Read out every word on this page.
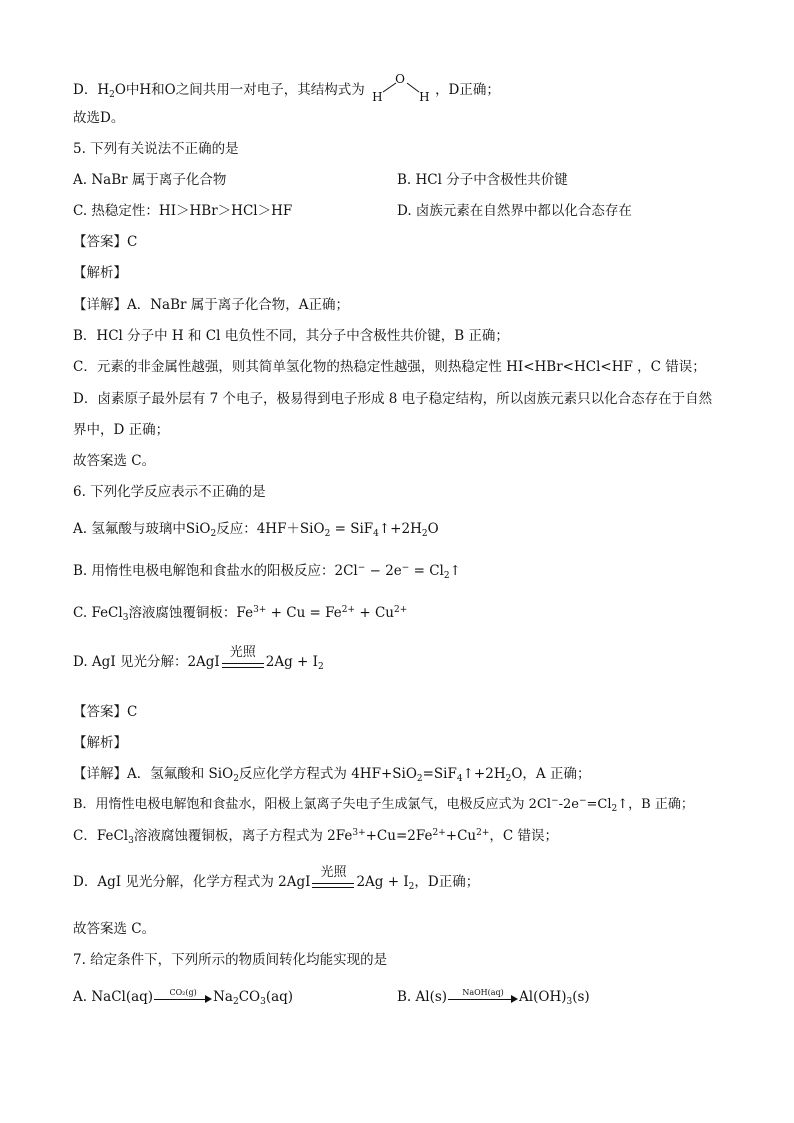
D．$H_2O$中H和O之间共用一对电子，其结构式为
O
H	H ，D正确；
故选D。
5. 下列有关说法不正确的是
A. NaBr 属于离子化合物	B. HCl 分子中含极性共价键
C. 热稳定性：HI＞HBr＞HCl＞HF	D. 卤族元素在自然界中都以化合态存在
【答案】C
【解析】
【详解】A．NaBr 属于离子化合物，A正确；
B．HCl 分子中 H 和 Cl 电负性不同，其分子中含极性共价键，B 正确；
C．元素的非金属性越强，则其简单氢化物的热稳定性越强，则热稳定性 HI<HBr<HCl<HF ，C 错误；
D．卤素原子最外层有 7 个电子，极易得到电子形成 8 电子稳定结构，所以卤族元素只以化合态存在于自然
界中，D 正确；
故答案选 C。
6. 下列化学反应表示不正确的是
A. 氢氟酸与玻璃中SiO$_2$反应：$4HF+SiO_2 = SiF_4↑+2H_2O$
B. 用惰性电极电解饱和食盐水的阳极反应：$2Cl^- - 2e^- = Cl_2↑$
C. FeCl$_3$溶液腐蚀覆铜板：$Fe^{3+} + Cu = Fe^{2+} + Cu^{2+}$
D. AgI 见光分解：2AgI
光照
$2Ag + I_2$
【答案】C
【解析】
【详解】A．氢氟酸和 SiO$_2$反应化学方程式为 $4HF+SiO_2=SiF_4↑+2H_2O$，A 正确；
B．用惰性电极电解饱和食盐水，阳极上氯离子失电子生成氯气，电极反应式为 $2Cl^--2e^-=Cl_2↑$，B 正确；
C．FeCl$_3$溶液腐蚀覆铜板，离子方程式为 $2Fe^{3+}+Cu=2Fe^{2+}+Cu^{2+}$，C 错误；
D．AgI 见光分解，化学方程式为 2AgI
光照
$2Ag + I_2$，D正确；
故答案选 C。
7. 给定条件下，下列所示的物质间转化均能实现的是
A. NaCl(aq)	CO₂(g)	$Na_2CO_3(aq)$	B. Al(s)	NaOH(aq)	$Al(OH)_3(s)$
